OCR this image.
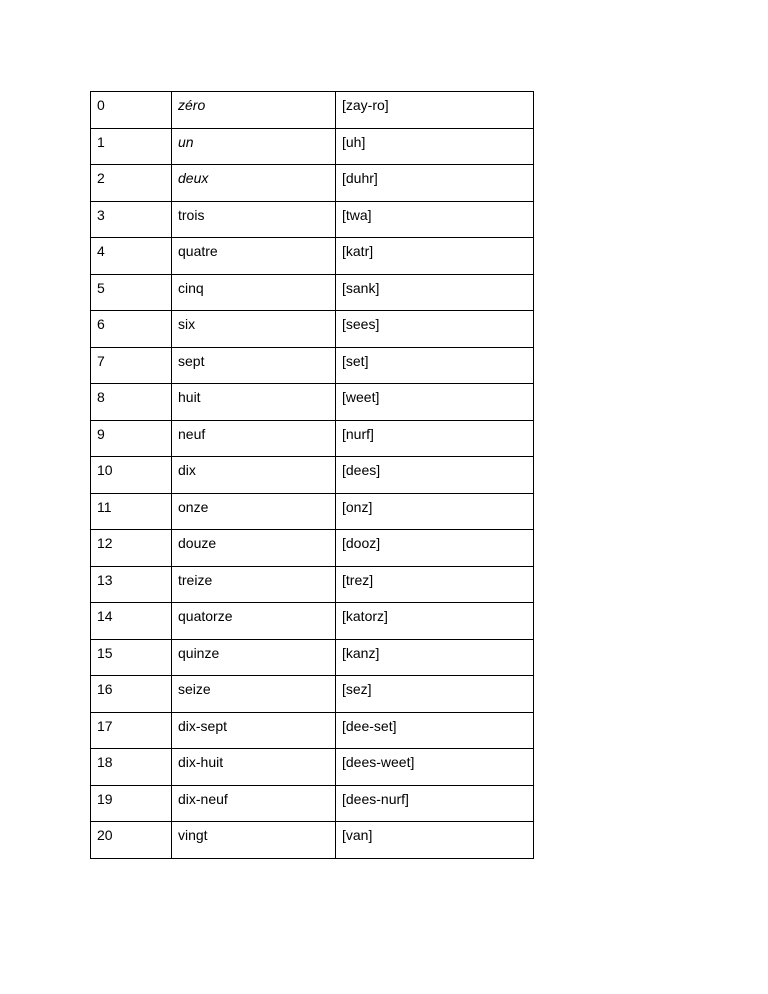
0	zéro	[zay-ro]

1	un	[uh]

2	deux	[duhr]

3	trois	[twa]

4	quatre	[katr]

5	cinq	[sank]

6	six	[sees]

7	sept	[set]

8	huit	[weet]

9	neuf	[nurf]

10	dix	[dees]

11	onze	[onz]

12	douze	[dooz]

13	treize	[trez]

14	quatorze	[katorz]

15	quinze	[kanz]

16	seize	[sez]

17	dix-sept	[dee-set]

18	dix-huit	[dees-weet]

19	dix-neuf	[dees-nurf]

20	vingt	[van]
